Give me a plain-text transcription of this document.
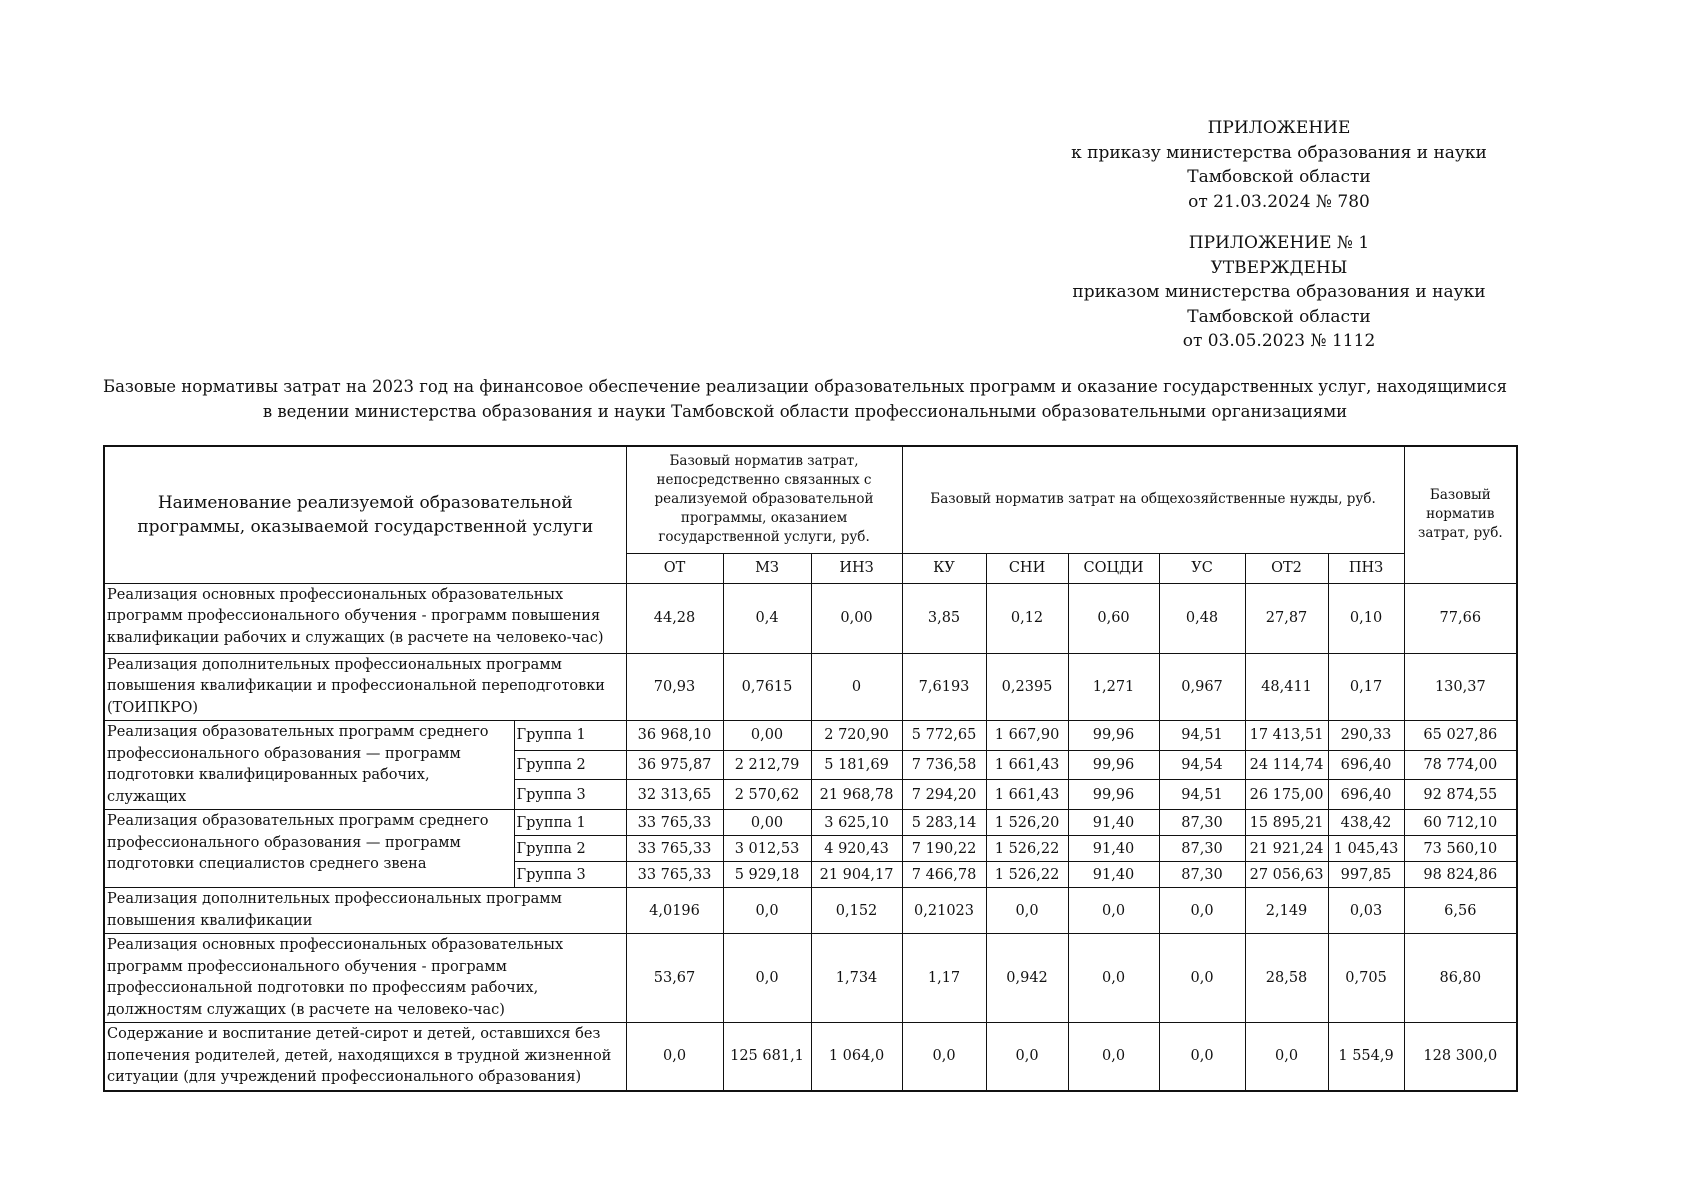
ПРИЛОЖЕНИЕ
к приказу министерства образования и науки
Тамбовской области
от 21.03.2024 № 780
ПРИЛОЖЕНИЕ № 1
УТВЕРЖДЕНЫ
приказом министерства образования и науки
Тамбовской области
от 03.05.2023 № 1112
Базовые нормативы затрат на 2023 год на финансовое обеспечение реализации образовательных программ и оказание государственных услуг, находящимися в ведении министерства образования и науки Тамбовской области профессиональными образовательными организациями
Наименование реализуемой образовательной программы, оказываемой государственной услуги		Базовый норматив затрат, непосредственно связанных с реализуемой образовательной программы, оказанием государственной услуги, руб.			Базовый норматив затрат на общехозяйственные нужды, руб.						Базовый норматив затрат, руб.
		ОТ	МЗ	ИНЗ	КУ	СНИ	СОЦДИ	УС	ОТ2	ПНЗ	
Реализация основных профессиональных образовательных программ профессионального обучения - программ повышения квалификации рабочих и служащих (в расчете на человеко-час)		44,28	0,4	0,00	3,85	0,12	0,60	0,48	27,87	0,10	77,66
Реализация дополнительных профессиональных программ повышения квалификации и профессиональной переподготовки (ТОИПКРО)		70,93	0,7615	0	7,6193	0,2395	1,271	0,967	48,411	0,17	130,37
Реализация образовательных программ среднего профессионального образования — программ подготовки квалифицированных рабочих, служащих	Группа 1	36 968,10	0,00	2 720,90	5 772,65	1 667,90	99,96	94,51	17 413,51	290,33	65 027,86
	Группа 2	36 975,87	2 212,79	5 181,69	7 736,58	1 661,43	99,96	94,54	24 114,74	696,40	78 774,00
	Группа 3	32 313,65	2 570,62	21 968,78	7 294,20	1 661,43	99,96	94,51	26 175,00	696,40	92 874,55
Реализация образовательных программ среднего профессионального образования — программ подготовки специалистов среднего звена	Группа 1	33 765,33	0,00	3 625,10	5 283,14	1 526,20	91,40	87,30	15 895,21	438,42	60 712,10
	Группа 2	33 765,33	3 012,53	4 920,43	7 190,22	1 526,22	91,40	87,30	21 921,24	1 045,43	73 560,10
	Группа 3	33 765,33	5 929,18	21 904,17	7 466,78	1 526,22	91,40	87,30	27 056,63	997,85	98 824,86
Реализация дополнительных профессиональных программ повышения квалификации		4,0196	0,0	0,152	0,21023	0,0	0,0	0,0	2,149	0,03	6,56
Реализация основных профессиональных образовательных программ профессионального обучения - программ профессиональной подготовки по профессиям рабочих, должностям служащих (в расчете на человеко-час)		53,67	0,0	1,734	1,17	0,942	0,0	0,0	28,58	0,705	86,80
Содержание и воспитание детей-сирот и детей, оставшихся без попечения родителей, детей, находящихся в трудной жизненной ситуации (для учреждений профессионального образования)		0,0	125 681,1	1 064,0	0,0	0,0	0,0	0,0	0,0	1 554,9	128 300,0
